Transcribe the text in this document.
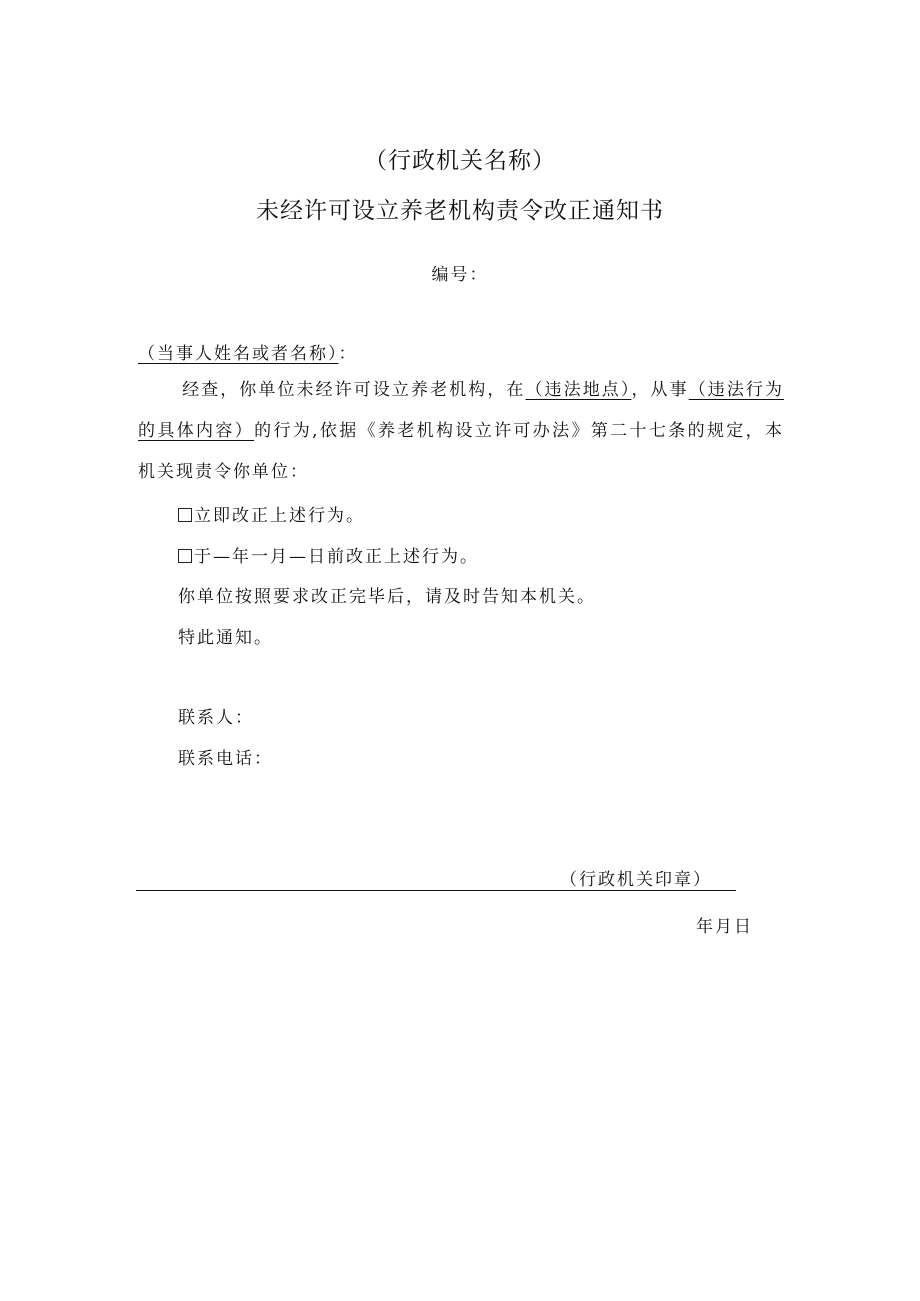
（行政机关名称）
未经许可设立养老机构责令改正通知书
编号：
（当事人姓名或者名称）：
经查，你单位未经许可设立养老机构，在（违法地点），从事（违法行为的具体内容）的行为,依据《养老机构设立许可办法》第二十七条的规定，本机关现责令你单位：
立即改正上述行为。
于—年一月—日前改正上述行为。
你单位按照要求改正完毕后，请及时告知本机关。
特此通知。
联系人：
联系电话：
（行政机关印章）
年月日
